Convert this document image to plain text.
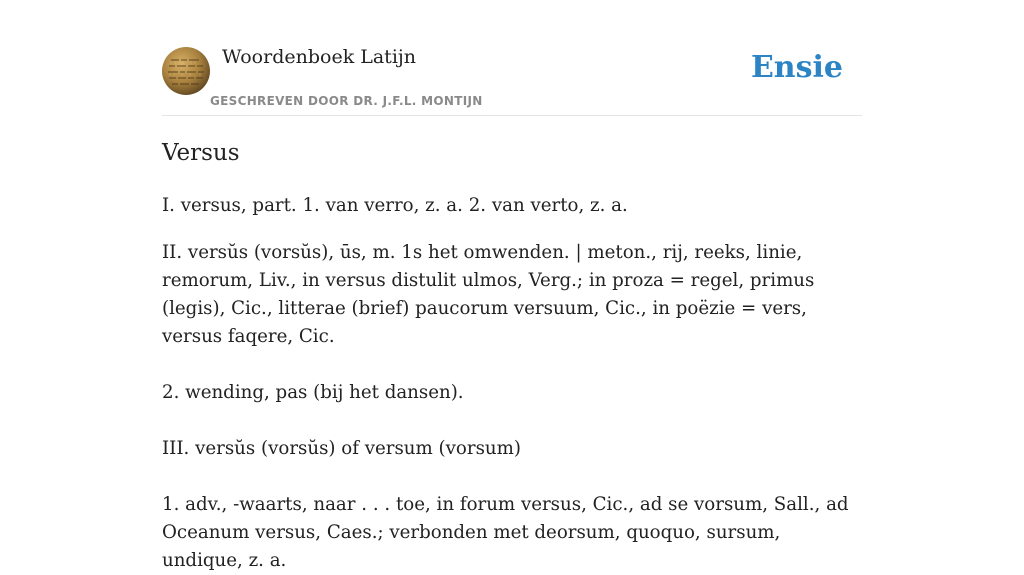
Woordenboek Latijn
GESCHREVEN DOOR DR. J.F.L. MONTIJN
Ensie
Versus

I. versus, part. 1. van verro, z. a. 2. van verto, z. a.

II. versŭs (vorsŭs), ūs, m. 1s het omwenden. | meton., rij, reeks, linie, remorum, Liv., in versus distulit ulmos, Verg.; in proza = regel, primus (legis), Cic., litterae (brief) paucorum versuum, Cic., in poëzie = vers, versus faqere, Cic.

2. wending, pas (bij het dansen).

III. versŭs (vorsŭs) of versum (vorsum)

1. adv., -waarts, naar . . . toe, in forum versus, Cic., ad se vorsum, Sall., ad Oceanum versus, Caes.; verbonden met deorsum, quoquo, sursum, undique, z. a.
